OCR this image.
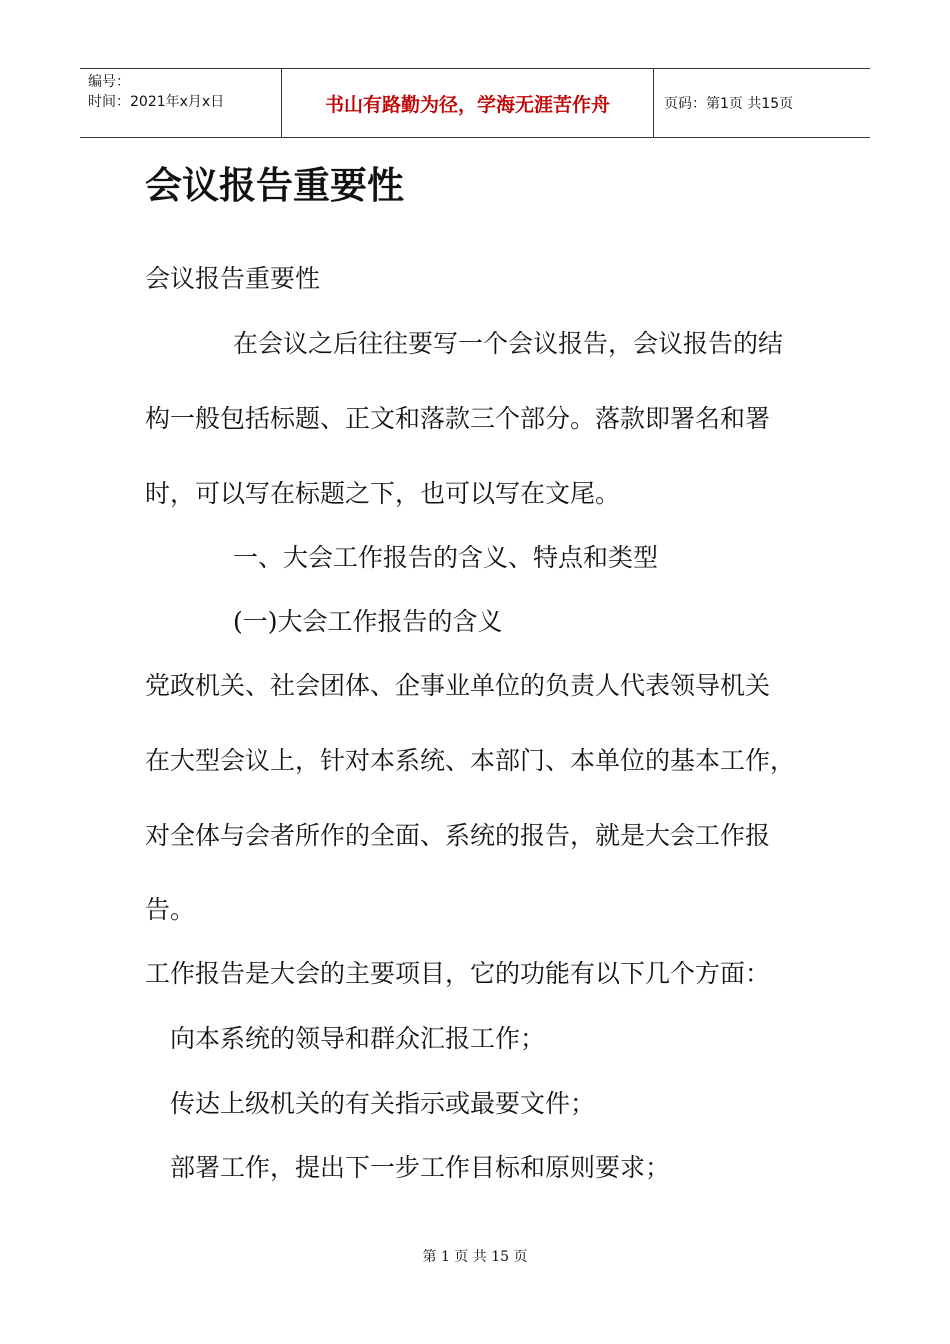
编号：
时间：2021年x月x日	书山有路勤为径，学海无涯苦作舟	页码：第1页 共15页
会议报告重要性
会议报告重要性
在会议之后往往要写一个会议报告，会议报告的结
构一般包括标题、正文和落款三个部分。落款即署名和署
时，可以写在标题之下，也可以写在文尾。
一、大会工作报告的含义、特点和类型
(一)大会工作报告的含义
党政机关、社会团体、企事业单位的负责人代表领导机关
在大型会议上，针对本系统、本部门、本单位的基本工作，
对全体与会者所作的全面、系统的报告，就是大会工作报
告。
工作报告是大会的主要项目，它的功能有以下几个方面：
向本系统的领导和群众汇报工作；
传达上级机关的有关指示或最要文件；
部署工作，提出下一步工作目标和原则要求；
第 1 页 共 15 页
